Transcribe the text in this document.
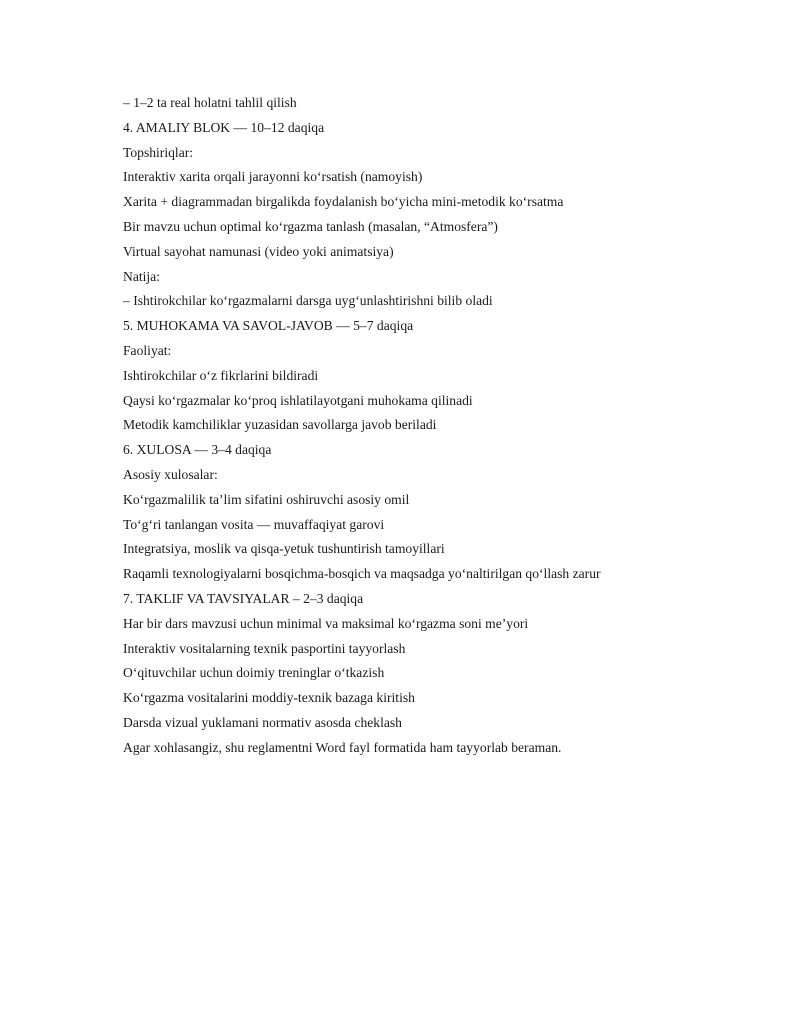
– 1–2 ta real holatni tahlil qilish
4. AMALIY BLOK — 10–12 daqiqa
Topshiriqlar:
Interaktiv xarita orqali jarayonni ko‘rsatish (namoyish)
Xarita + diagrammadan birgalikda foydalanish bo‘yicha mini-metodik ko‘rsatma
Bir mavzu uchun optimal ko‘rgazma tanlash (masalan, “Atmosfera”)
Virtual sayohat namunasi (video yoki animatsiya)
Natija:
– Ishtirokchilar ko‘rgazmalarni darsga uyg‘unlashtirishni bilib oladi
5. MUHOKAMA VA SAVOL-JAVOB — 5–7 daqiqa
Faoliyat:
Ishtirokchilar o‘z fikrlarini bildiradi
Qaysi ko‘rgazmalar ko‘proq ishlatilayotgani muhokama qilinadi
Metodik kamchiliklar yuzasidan savollarga javob beriladi
6. XULOSA — 3–4 daqiqa
Asosiy xulosalar:
Ko‘rgazmalilik ta’lim sifatini oshiruvchi asosiy omil
To‘g‘ri tanlangan vosita — muvaffaqiyat garovi
Integratsiya, moslik va qisqa-yetuk tushuntirish tamoyillari
Raqamli texnologiyalarni bosqichma-bosqich va maqsadga yo‘naltirilgan qo‘llash zarur
7. TAKLIF VA TAVSIYALAR – 2–3 daqiqa
Har bir dars mavzusi uchun minimal va maksimal ko‘rgazma soni me’yori
Interaktiv vositalarning texnik pasportini tayyorlash
O‘qituvchilar uchun doimiy treninglar o‘tkazish
Ko‘rgazma vositalarini moddiy-texnik bazaga kiritish
Darsda vizual yuklamani normativ asosda cheklash
Agar xohlasangiz, shu reglamentni Word fayl formatida ham tayyorlab beraman.
